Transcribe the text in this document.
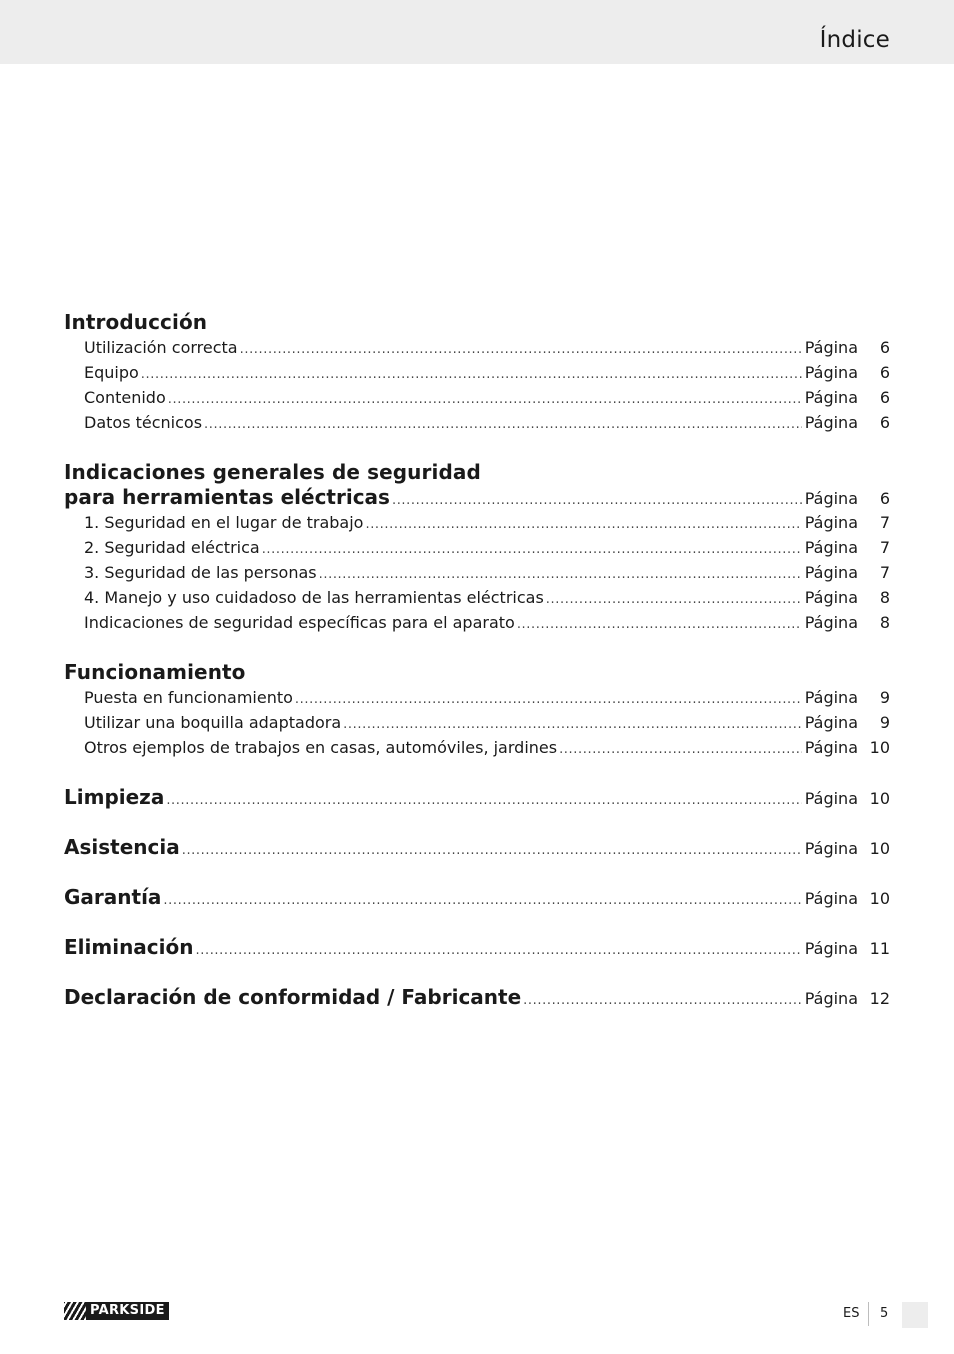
Índice
Introducción
Utilización correcta .....	Página	6
Equipo .....	Página	6
Contenido .....	Página	6
Datos técnicos .....	Página	6
Indicaciones generales de seguridad
para herramientas eléctricas .....	Página	6
1. Seguridad en el lugar de trabajo .....	Página	7
2. Seguridad eléctrica .....	Página	7
3. Seguridad de las personas .....	Página	7
4. Manejo y uso cuidadoso de las herramientas eléctricas .....	Página	8
Indicaciones de seguridad específicas para el aparato .....	Página	8
Funcionamiento
Puesta en funcionamiento .....	Página	9
Utilizar una boquilla adaptadora .....	Página	9
Otros ejemplos de trabajos en casas, automóviles, jardines .....	Página 10
Limpieza .....	Página 10
Asistencia .....	Página 10
Garantía .....	Página 10
Eliminación .....	Página 11
Declaración de conformidad / Fabricante .....	Página 12
PARKSIDE	ES 5
